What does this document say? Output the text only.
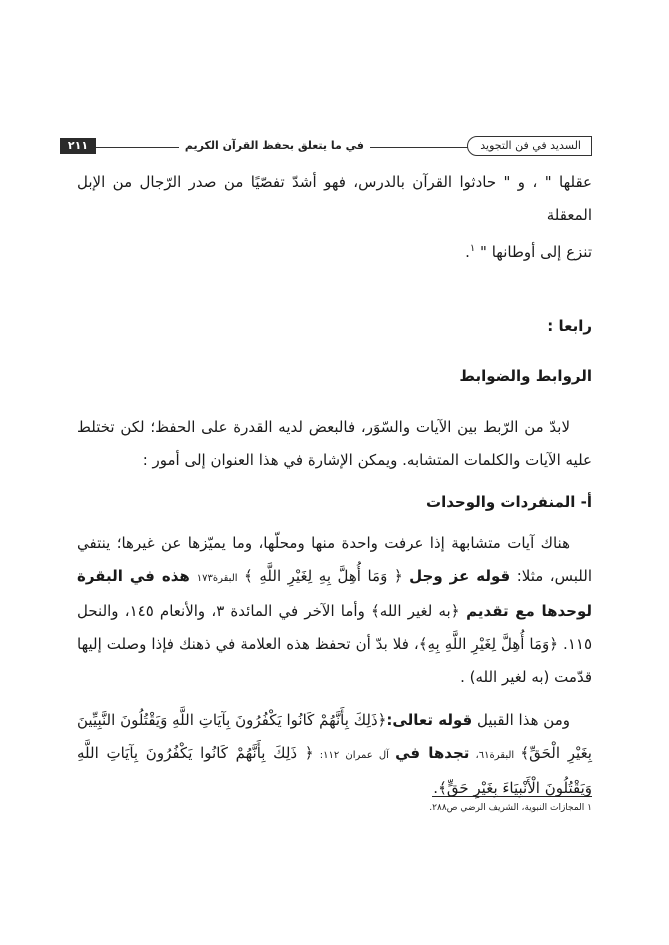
السديد في فن التجويد
في ما يتعلق بحفظ القرآن الكريم
٢١١

عقلها " ، و " حادثوا القرآن بالدرس، فهو أشدّ تفصّيًا من صدر الرّجال من الإبل المعقلة
تنزع إلى أوطانها " $^١$.

رابعا :

الروابط والضوابط

لابدّ من الرّبط بين الآيات والسّوَر، فالبعض لديه القدرة على الحفظ؛ لكن تختلط عليه الآيات والكلمات المتشابه. ويمكن الإشارة في هذا العنوان إلى أمور :

أ- المنفردات والوحدات

هناك آيات متشابهة إذا عرفت واحدة منها ومحلّها، وما يميّزها عن غيرها؛ ينتفي اللبس، مثلا: قوله عز وجل ﴿ وَمَا أُهِلَّ بِهِ لِغَيْرِ اللَّهِ ﴾ البقرة١٧٣ هذه في البقرة لوحدها مع تقديم ﴿به لغير الله﴾ وأما الآخر في المائدة ٣، والأنعام ١٤٥، والنحل ١١٥. ﴿وَمَا أُهِلَّ لِغَيْرِ اللَّهِ بِهِ﴾، فلا بدّ أن تحفظ هذه العلامة في ذهنك فإذا وصلت إليها قدّمت (به لغير الله) .

ومن هذا القبيل قوله تعالى:﴿ذَلِكَ بِأَنَّهُمْ كَانُوا يَكْفُرُونَ بِآيَاتِ اللَّهِ وَيَقْتُلُونَ النَّبِيِّينَ بِغَيْرِ الْحَقِّ﴾ البقرة٦١، تجدها في آل عمران ١١٢: ﴿ ذَلِكَ بِأَنَّهُمْ كَانُوا يَكْفُرُونَ بِآيَاتِ اللَّهِ وَيَقْتُلُونَ الْأَنْبِيَاءَ بِغَيْرِ حَقٍّ﴾.

١ المجازات النبوية، الشريف الرضي ص٢٨٨.
